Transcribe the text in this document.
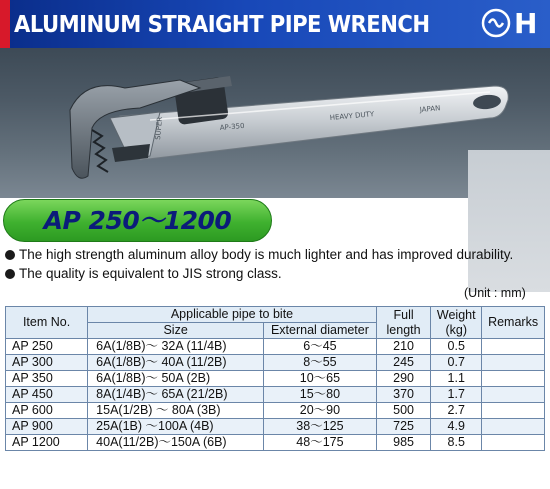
ALUMINUM STRAIGHT PIPE WRENCH	H
SUPER	AP-350
HEAVY DUTY
JAPAN
AP 250～1200
The high strength aluminum alloy body is much lighter and has improved durability.
The quality is equivalent to JIS strong class.
(Unit : mm)
Item No.	Applicable pipe to bite		Full length	Weight (kg)	Remarks
	Size	External diameter			
AP 250	6A(1/8B)～ 32A (11/4B)	6～45	210	0.5	
AP 300	6A(1/8B)～ 40A (11/2B)	8～55	245	0.7	
AP 350	6A(1/8B)～ 50A (2B)	10～65	290	1.1	
AP 450	8A(1/4B)～ 65A (21/2B)	15～80	370	1.7	
AP 600	15A(1/2B) ～ 80A (3B)	20～90	500	2.7	
AP 900	25A(1B) ～100A (4B)	38～125	725	4.9	
AP 1200	40A(11/2B)～150A (6B)	48～175	985	8.5	
